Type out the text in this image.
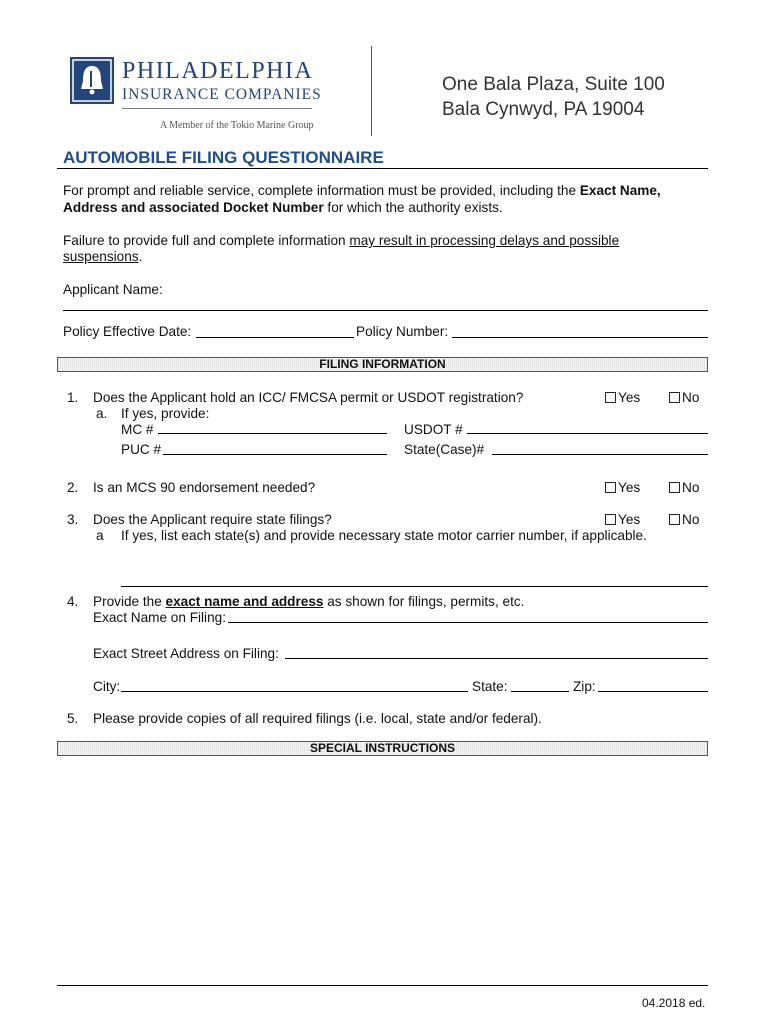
PHILADELPHIA
INSURANCE COMPANIES
A Member of the Tokio Marine Group
One Bala Plaza, Suite 100
Bala Cynwyd, PA 19004
AUTOMOBILE FILING QUESTIONNAIRE
For prompt and reliable service, complete information must be provided, including the Exact Name,
Address and associated Docket Number for which the authority exists.
Failure to provide full and complete information may result in processing delays and possible
suspensions.
Applicant Name:
Policy Effective Date:	Policy Number:
FILING INFORMATION
1. Does the Applicant hold an ICC/ FMCSA permit or USDOT registration?	Yes	No
a. If yes, provide:
MC #	USDOT #
PUC #	State(Case)#
2. Is an MCS 90 endorsement needed?	Yes	No
3. Does the Applicant require state filings?	Yes	No
a If yes, list each state(s) and provide necessary state motor carrier number, if applicable.
4. Provide the exact name and address as shown for filings, permits, etc.
Exact Name on Filing:
Exact Street Address on Filing:
City:	State:	Zip:
5. Please provide copies of all required filings (i.e. local, state and/or federal).
SPECIAL INSTRUCTIONS
04.2018 ed.
